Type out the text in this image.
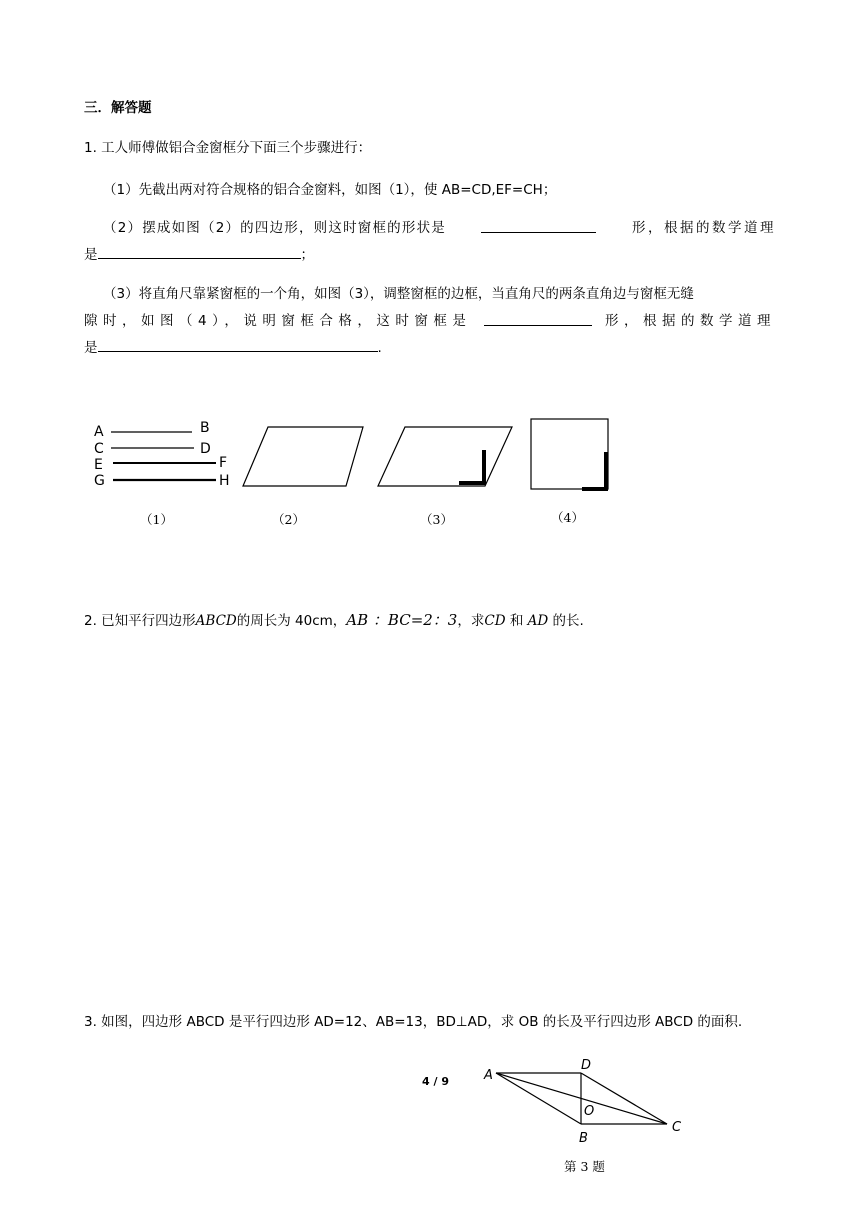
三．解答题
1. 工人师傅做铝合金窗框分下面三个步骤进行：
（1）先截出两对符合规格的铝合金窗料，如图（1），使 AB=CD,EF=CH；
（2）摆成如图（2）的四边形，则这时窗框的形状是	形，根据的数学道理
是	；
（3）将直角尺靠紧窗框的一个角，如图（3），调整窗框的边框，当直角尺的两条直角边与窗框无缝
隙时，如图（4），说明窗框合格，这时窗框是	形，根据的数学道理
是	.
A
C
E
G
B
D
F
H
（1）	（2）	（3）	（4）
2. 已知平行四边形ABCD的周长为 40cm，AB ：BC=2：3，求CD 和 AD 的长.
3. 如图，四边形 ABCD 是平行四边形 AD=12、AB=13，BD⊥AD，求 OB 的长及平行四边形 ABCD 的面积.
A
D
O
B
C
第 3 题
4 / 9
